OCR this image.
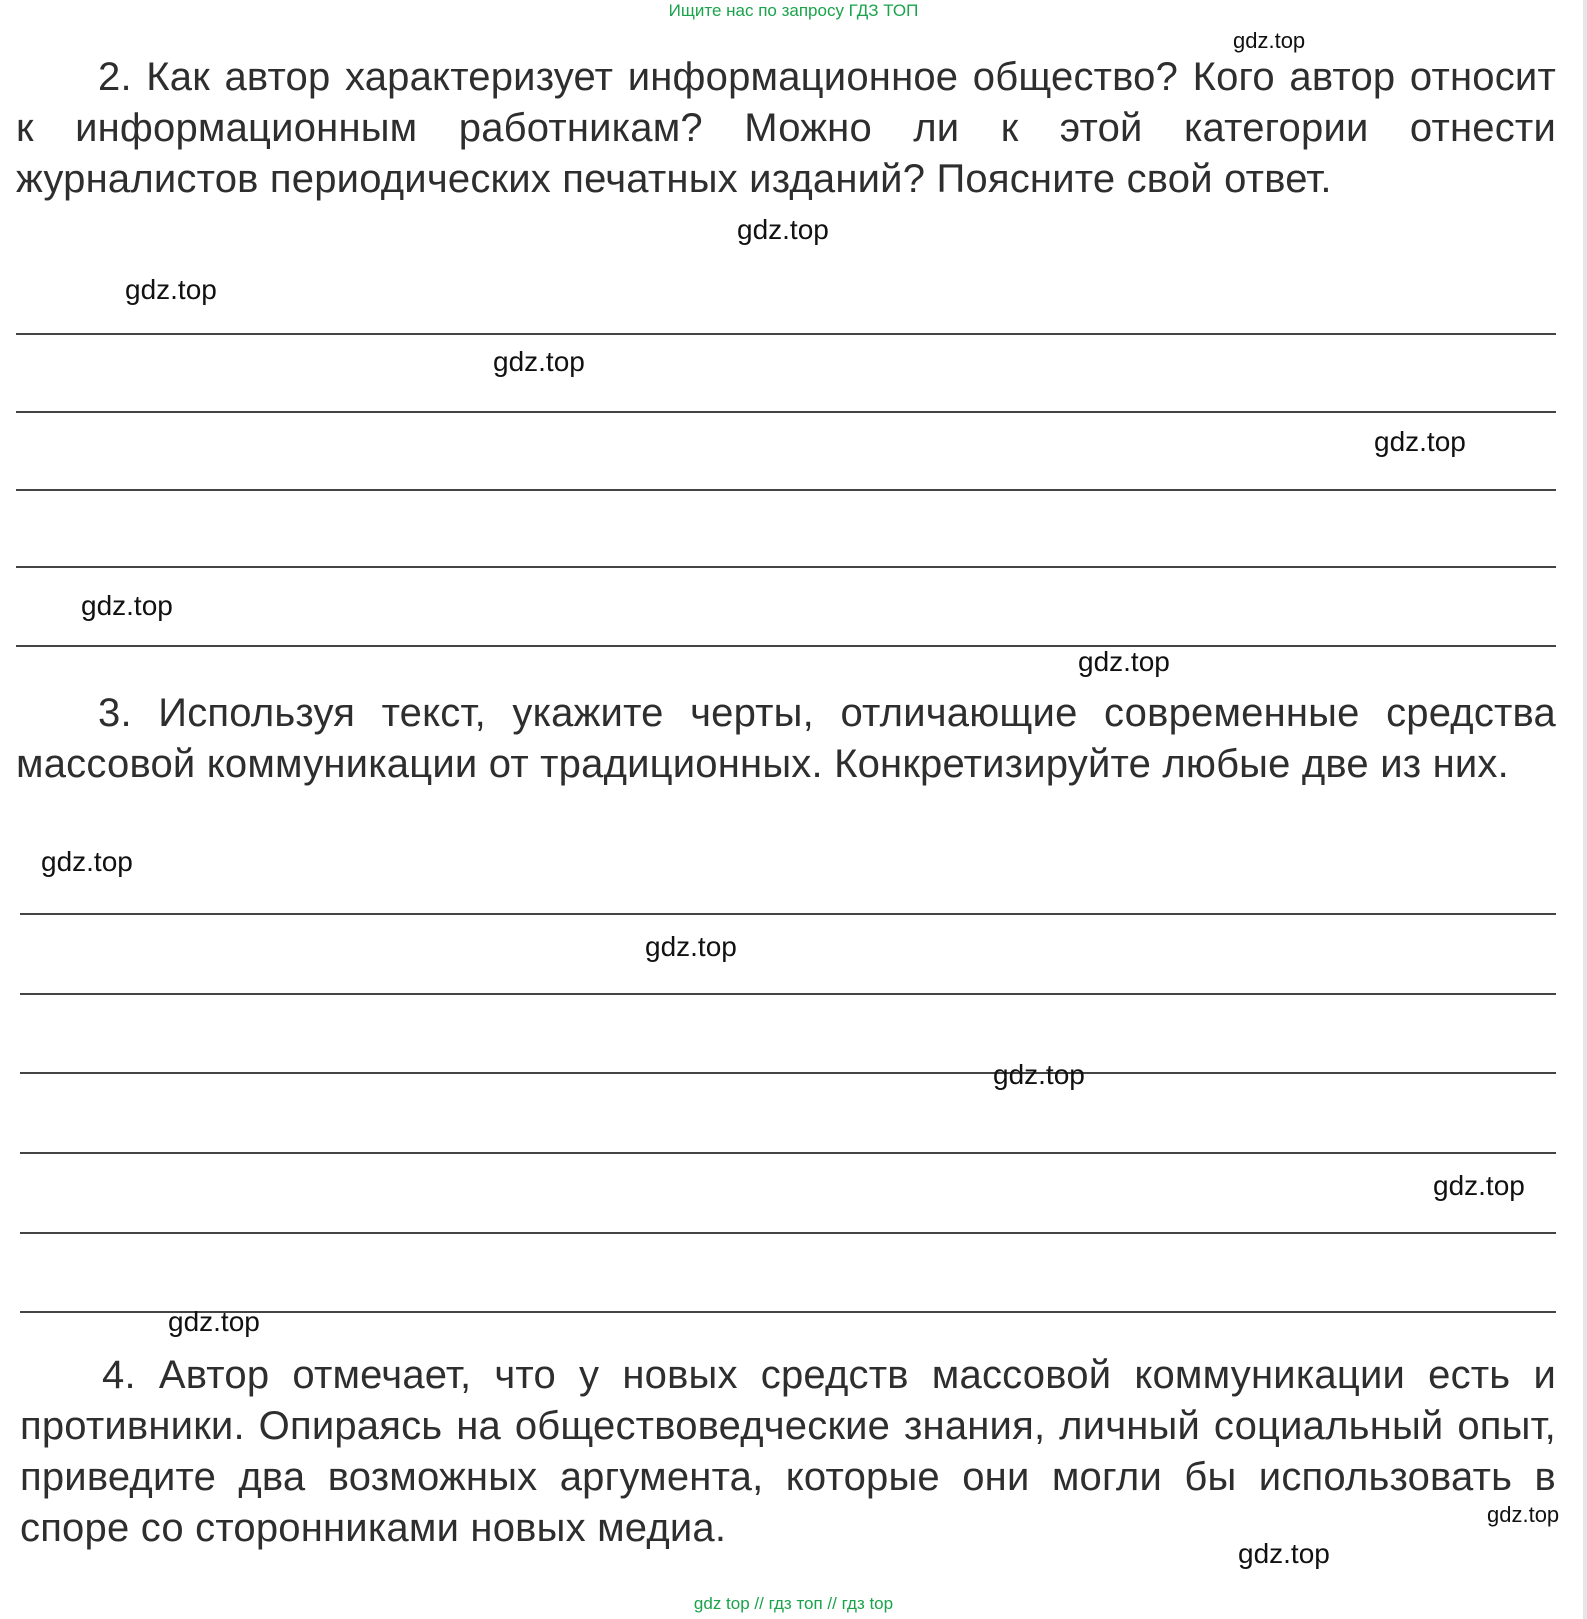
Ищите нас по запросу ГДЗ ТОП

2. Как автор характеризует информационное общество? Кого автор относит к информационным работникам? Можно ли к этой категории отнести журналистов периодических печатных изданий? Поясните свой ответ.

3. Используя текст, укажите черты, отличающие современные средства массовой коммуникации от традиционных. Конкретизируйте любые две из них.

4. Автор отмечает, что у новых средств массовой коммуникации есть и противники. Опираясь на обществоведческие знания, личный социальный опыт, приведите два возможных аргумента, которые они могли бы использовать в споре со сторонниками новых медиа.

gdz.top
gdz.top
gdz.top
gdz.top
gdz.top
gdz.top
gdz.top
gdz.top
gdz.top
gdz.top
gdz.top
gdz.top
gdz.top
gdz.top
gdz top // гдз топ // гдз top
